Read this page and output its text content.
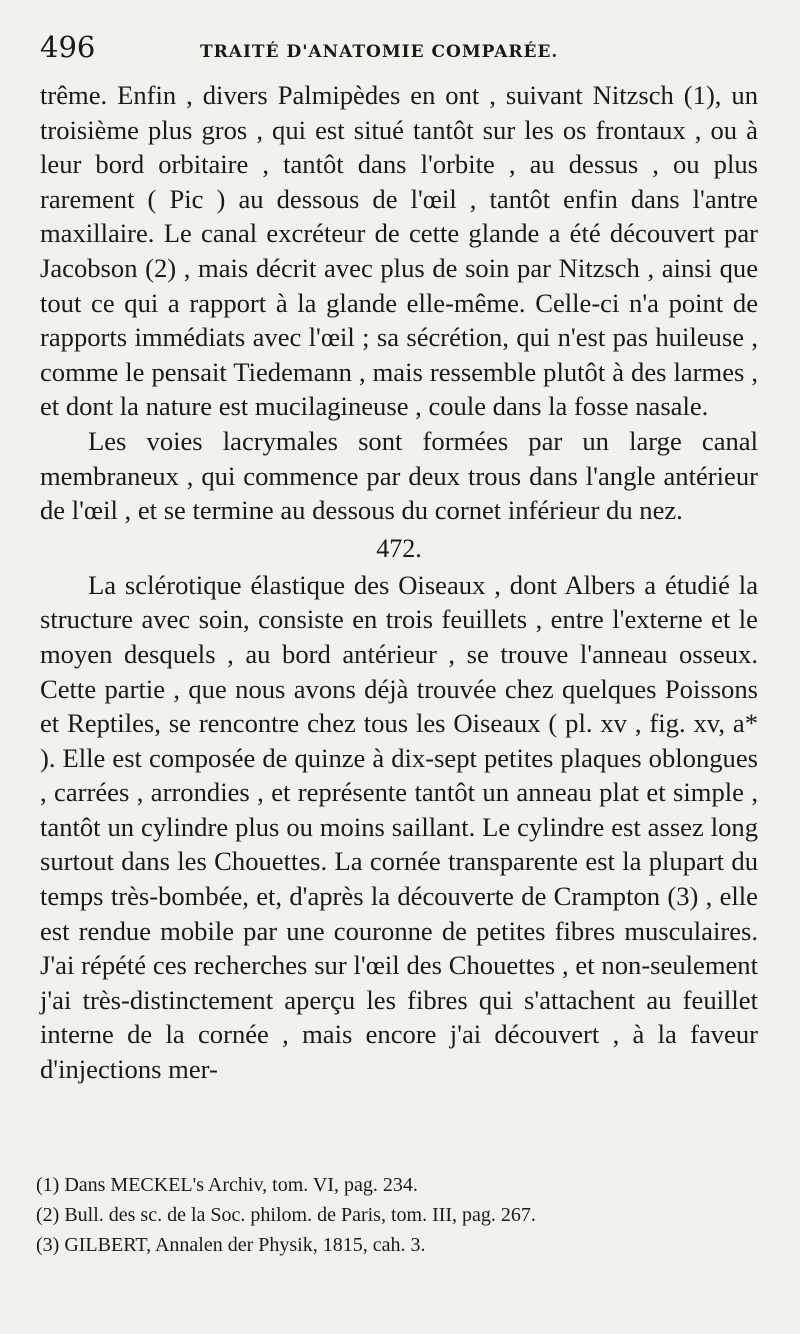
496	TRAITÉ D'ANATOMIE COMPARÉE.

trême. Enfin , divers Palmipèdes en ont , suivant Nitzsch (1), un troisième plus gros , qui est situé tantôt sur les os frontaux , ou à leur bord orbitaire , tantôt dans l'orbite , au dessus , ou plus rarement ( Pic ) au dessous de l'œil , tantôt enfin dans l'antre maxillaire. Le canal excréteur de cette glande a été découvert par Jacobson (2) , mais décrit avec plus de soin par Nitzsch , ainsi que tout ce qui a rapport à la glande elle-même. Celle-ci n'a point de rapports immédiats avec l'œil ; sa sécrétion, qui n'est pas huileuse , comme le pensait Tiedemann , mais ressemble plutôt à des larmes , et dont la nature est mucilagineuse , coule dans la fosse nasale.

Les voies lacrymales sont formées par un large canal membraneux , qui commence par deux trous dans l'angle antérieur de l'œil , et se termine au dessous du cornet inférieur du nez.

472.

La sclérotique élastique des Oiseaux , dont Albers a étudié la structure avec soin, consiste en trois feuillets , entre l'externe et le moyen desquels , au bord antérieur , se trouve l'anneau osseux. Cette partie , que nous avons déjà trouvée chez quelques Poissons et Reptiles, se rencontre chez tous les Oiseaux ( pl. xv , fig. xv, a* ). Elle est composée de quinze à dix-sept petites plaques oblongues , carrées , arrondies , et représente tantôt un anneau plat et simple , tantôt un cylindre plus ou moins saillant. Le cylindre est assez long surtout dans les Chouettes. La cornée transparente est la plupart du temps très-bombée, et, d'après la découverte de Crampton (3) , elle est rendue mobile par une couronne de petites fibres musculaires. J'ai répété ces recherches sur l'œil des Chouettes , et non-seulement j'ai très-distinctement aperçu les fibres qui s'attachent au feuillet interne de la cornée , mais encore j'ai découvert , à la faveur d'injections mer-

(1) Dans MECKEL's Archiv, tom. VI, pag. 234.
(2) Bull. des sc. de la Soc. philom. de Paris, tom. III, pag. 267.
(3) GILBERT, Annalen der Physik, 1815, cah. 3.
